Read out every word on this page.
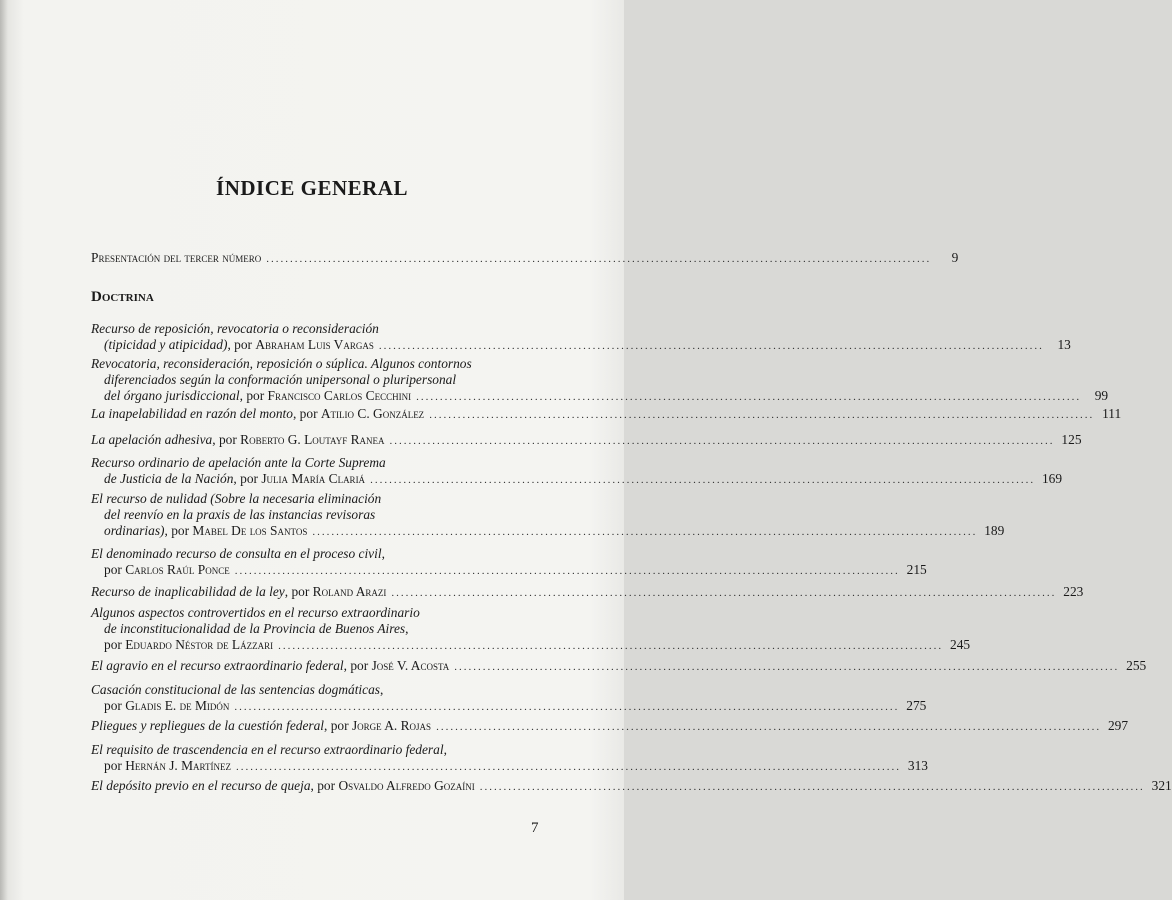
ÍNDICE GENERAL
Presentación del tercer número ............................................................................................................................................	9
Doctrina
Recurso de reposición, revocatoria o reconsideración
(tipicidad y atipicidad) , por Abraham Luis Vargas ............................................................................................................................................	13
Revocatoria, reconsideración, reposición o súplica. Algunos contornos
diferenciados según la conformación unipersonal o pluripersonal
del órgano jurisdiccional , por Francisco Carlos Cecchini ............................................................................................................................................	99
La inapelabilidad en razón del monto , por Atilio C. González ............................................................................................................................................ 111
La apelación adhesiva , por Roberto G. Loutayf Ranea ............................................................................................................................................ 125
Recurso ordinario de apelación ante la Corte Suprema
de Justicia de la Nación , por Julia María Clariá ............................................................................................................................................ 169
El recurso de nulidad (Sobre la necesaria eliminación
del reenvío en la praxis de las instancias revisoras
ordinarias) , por Mabel De los Santos ............................................................................................................................................ 189
El denominado recurso de consulta en el proceso civil ,
por Carlos Raúl Ponce ............................................................................................................................................ 215
Recurso de inaplicabilidad de la ley , por Roland Arazi ............................................................................................................................................ 223
Algunos aspectos controvertidos en el recurso extraordinario
de inconstitucionalidad de la Provincia de Buenos Aires ,
por Eduardo Néstor de Lázzari ............................................................................................................................................ 245
El agravio en el recurso extraordinario federal , por José V. Acosta ............................................................................................................................................ 255
Casación constitucional de las sentencias dogmáticas ,
por Gladis E. de Midón ............................................................................................................................................ 275
Pliegues y repliegues de la cuestión federal , por Jorge A. Rojas ............................................................................................................................................ 297
El requisito de trascendencia en el recurso extraordinario federal ,
por Hernán J. Martínez ............................................................................................................................................ 313
El depósito previo en el recurso de queja , por Osvaldo Alfredo Gozaíni ............................................................................................................................................ 321
7
